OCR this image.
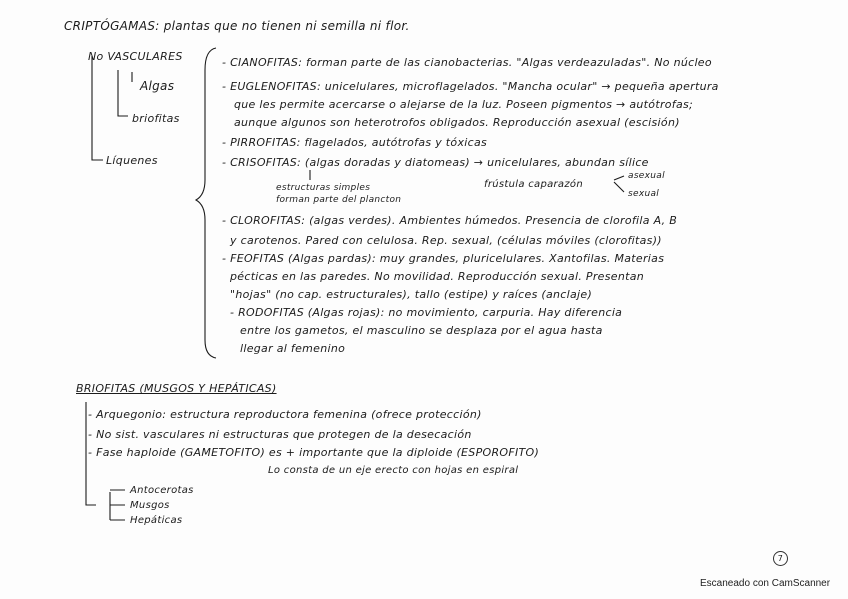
CRIPTÓGAMAS: plantas que no tienen ni semilla ni flor.
No VASCULARES
Algas
briofitas
Líquenes
- CIANOFITAS: forman parte de las cianobacterias. "Algas verdeazuladas". No núcleo
- EUGLENOFITAS: unicelulares, microflagelados. "Mancha ocular" → pequeña apertura
que les permite acercarse o alejarse de la luz. Poseen pigmentos → autótrofas;
aunque algunos son heterotrofos obligados. Reproducción asexual (escisión)
- PIRROFITAS: flagelados, autótrofas y tóxicas
- CRISOFITAS: (algas doradas y diatomeas) → unicelulares, abundan sílice
estructuras simples
forman parte del plancton
frústula caparazón
asexual
sexual
- CLOROFITAS: (algas verdes). Ambientes húmedos. Presencia de clorofila A, B
y carotenos. Pared con celulosa. Rep. sexual, (células móviles (clorofitas))
- FEOFITAS (Algas pardas): muy grandes, pluricelulares. Xantofilas. Materias
pécticas en las paredes. No movilidad. Reproducción sexual. Presentan
"hojas" (no cap. estructurales), tallo (estipe) y raíces (anclaje)
- RODOFITAS (Algas rojas): no movimiento, carpuria. Hay diferencia
entre los gametos, el masculino se desplaza por el agua hasta
llegar al femenino
BRIOFITAS (MUSGOS Y HEPÁTICAS)
- Arquegonio: estructura reproductora femenina (ofrece protección)
- No sist. vasculares ni estructuras que protegen de la desecación
- Fase haploide (GAMETOFITO) es + importante que la diploide (ESPOROFITO)
Lo consta de un eje erecto con hojas en espiral
Antocerotas
Musgos
Hepáticas
7
Escaneado con CamScanner
